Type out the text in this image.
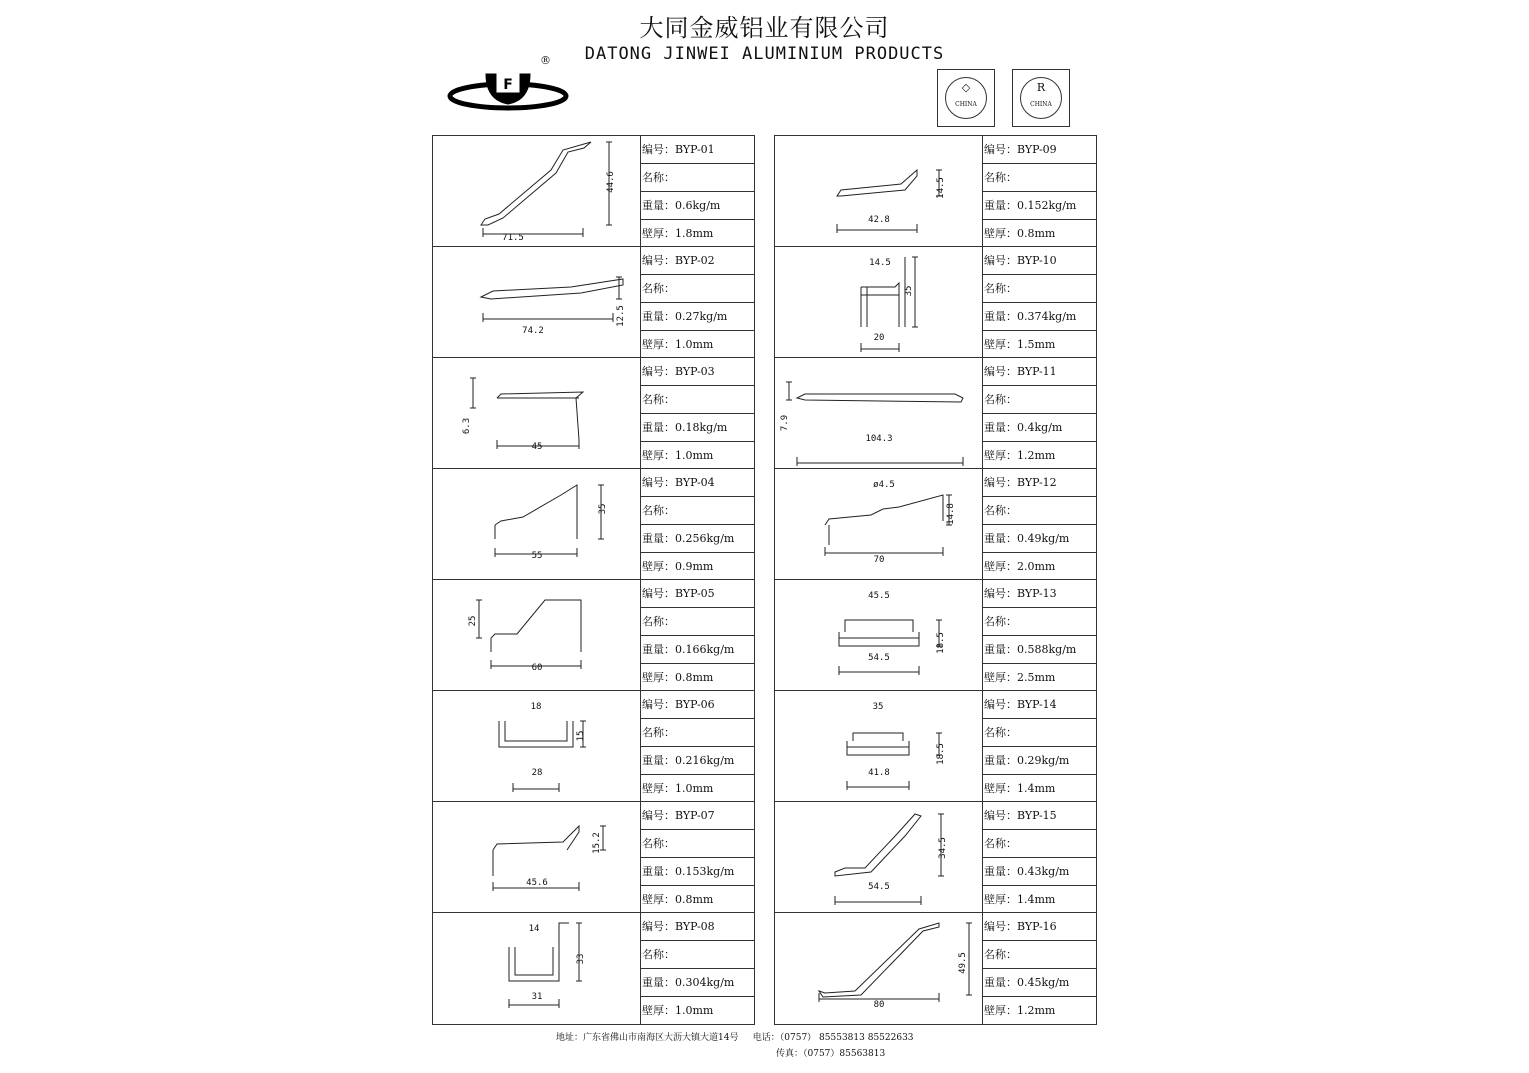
大同金威铝业有限公司
DATONG JINWEI ALUMINIUM PRODUCTS
F
®
◇
CHINA
R
CHINA
71.5
44.6
编号：BYP-01
名称：
重量：0.6kg/m
壁厚：1.8mm
74.2
12.5
编号：BYP-02
名称：
重量：0.27kg/m
壁厚：1.0mm
45
6.3
编号：BYP-03
名称：
重量：0.18kg/m
壁厚：1.0mm
55
35
编号：BYP-04
名称：
重量：0.256kg/m
壁厚：0.9mm
60
25
编号：BYP-05
名称：
重量：0.166kg/m
壁厚：0.8mm
28
15
18	编号：BYP-06
名称：
重量：0.216kg/m
壁厚：1.0mm
45.6
15.2
编号：BYP-07
名称：
重量：0.153kg/m
壁厚：0.8mm
31
33
14	编号：BYP-08
名称：
重量：0.304kg/m
壁厚：1.0mm
42.8
14.5
编号：BYP-09
名称：
重量：0.152kg/m
壁厚：0.8mm
20
35
14.5	编号：BYP-10
名称：
重量：0.374kg/m
壁厚：1.5mm
104.3
7.9
编号：BYP-11
名称：
重量：0.4kg/m
壁厚：1.2mm
70
14.8
ø4.5	编号：BYP-12
名称：
重量：0.49kg/m
壁厚：2.0mm
54.5
18.5
45.5	编号：BYP-13
名称：
重量：0.588kg/m
壁厚：2.5mm
41.8
18.5
35	编号：BYP-14
名称：
重量：0.29kg/m
壁厚：1.4mm
54.5
34.5
编号：BYP-15
名称：
重量：0.43kg/m
壁厚：1.4mm
80
49.5
编号：BYP-16
名称：
重量：0.45kg/m
壁厚：1.2mm
地址：广东省佛山市南海区大沥大镇大道14号 电话：（0757） 85553813 85522633
传真：（0757）85563813
